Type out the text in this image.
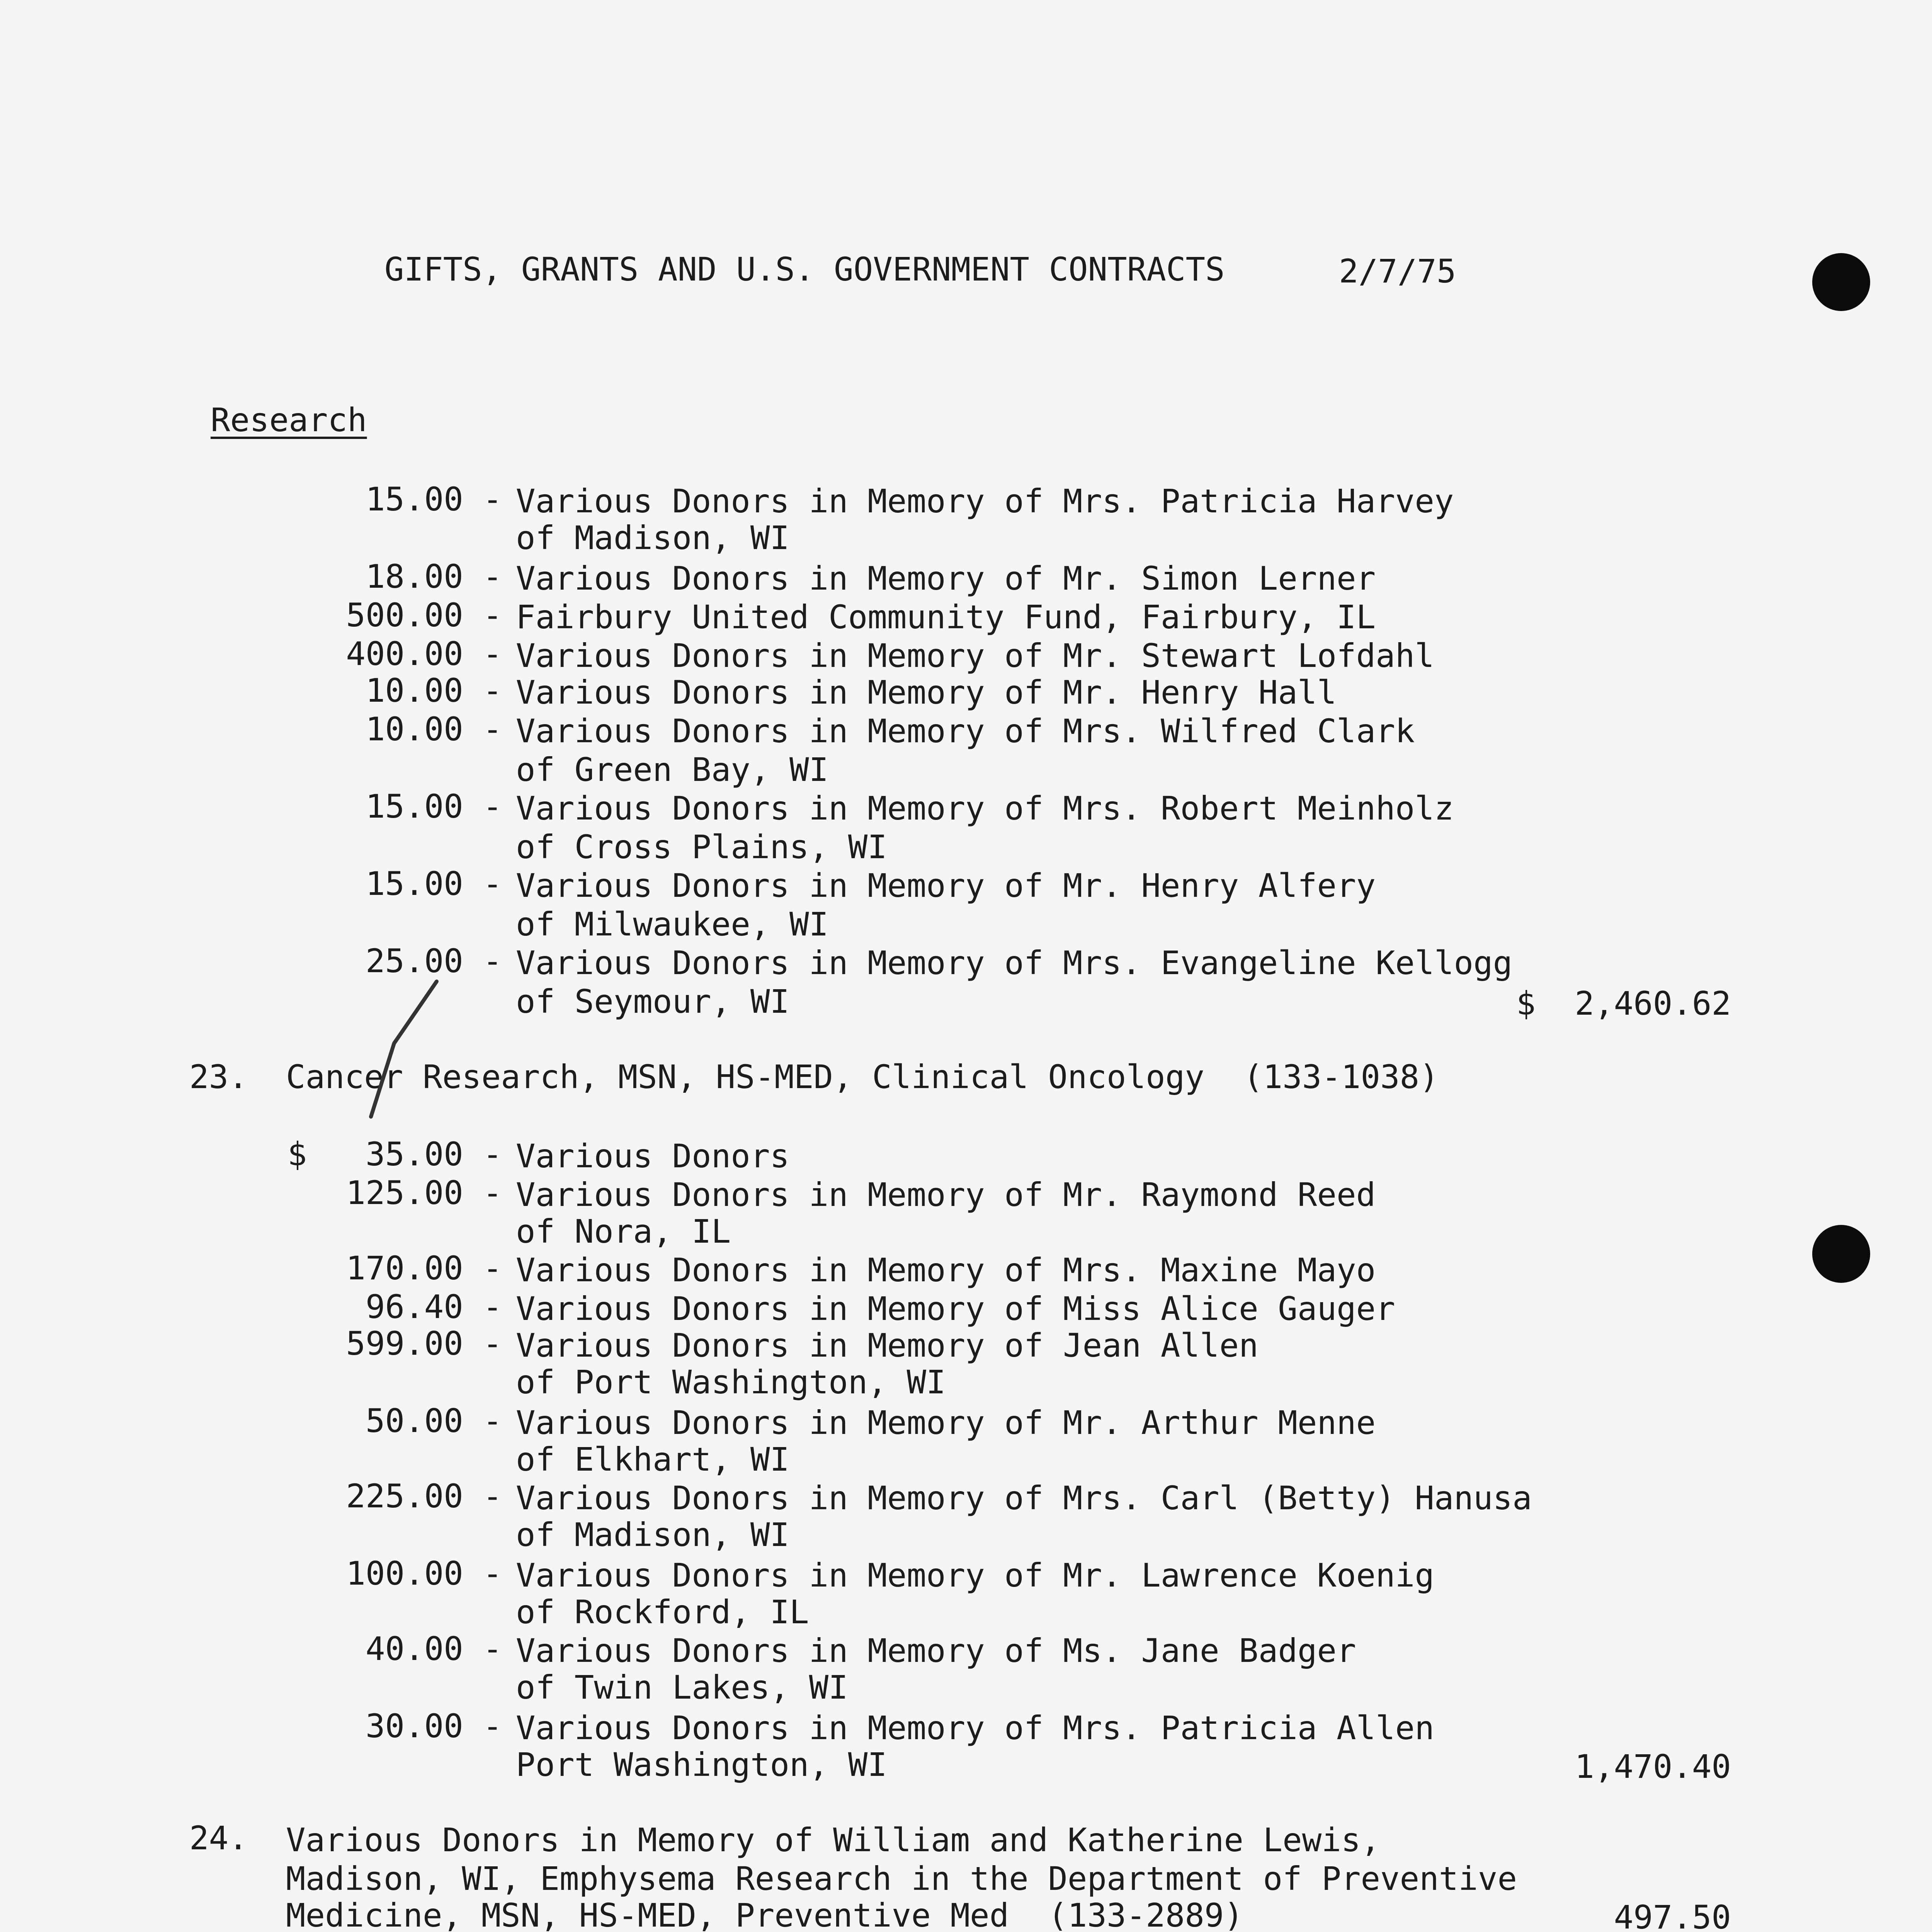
GIFTS, GRANTS AND U.S. GOVERNMENT CONTRACTS	2/7/75
Research
15.00 - Various Donors in Memory of Mrs. Patricia Harvey
of Madison, WI
18.00 - Various Donors in Memory of Mr. Simon Lerner
500.00 - Fairbury United Community Fund, Fairbury, IL
400.00 - Various Donors in Memory of Mr. Stewart Lofdahl
10.00 - Various Donors in Memory of Mr. Henry Hall
10.00 - Various Donors in Memory of Mrs. Wilfred Clark
of Green Bay, WI
15.00 - Various Donors in Memory of Mrs. Robert Meinholz
of Cross Plains, WI
15.00 - Various Donors in Memory of Mr. Henry Alfery
of Milwaukee, WI
25.00 - Various Donors in Memory of Mrs. Evangeline Kellogg
of Seymour, WI	$  2,460.62
23. Cancer Research, MSN, HS-MED, Clinical Oncology  (133-1038)
$   35.00 - Various Donors
125.00 - Various Donors in Memory of Mr. Raymond Reed
of Nora, IL
170.00 - Various Donors in Memory of Mrs. Maxine Mayo
96.40 - Various Donors in Memory of Miss Alice Gauger
599.00 - Various Donors in Memory of Jean Allen
of Port Washington, WI
50.00 - Various Donors in Memory of Mr. Arthur Menne
of Elkhart, WI
225.00 - Various Donors in Memory of Mrs. Carl (Betty) Hanusa
of Madison, WI
100.00 - Various Donors in Memory of Mr. Lawrence Koenig
of Rockford, IL
40.00 - Various Donors in Memory of Ms. Jane Badger
of Twin Lakes, WI
30.00 - Various Donors in Memory of Mrs. Patricia Allen
Port Washington, WI	1,470.40
24. Various Donors in Memory of William and Katherine Lewis,
Madison, WI, Emphysema Research in the Department of Preventive
Medicine, MSN, HS-MED, Preventive Med  (133-2889)	497.50
